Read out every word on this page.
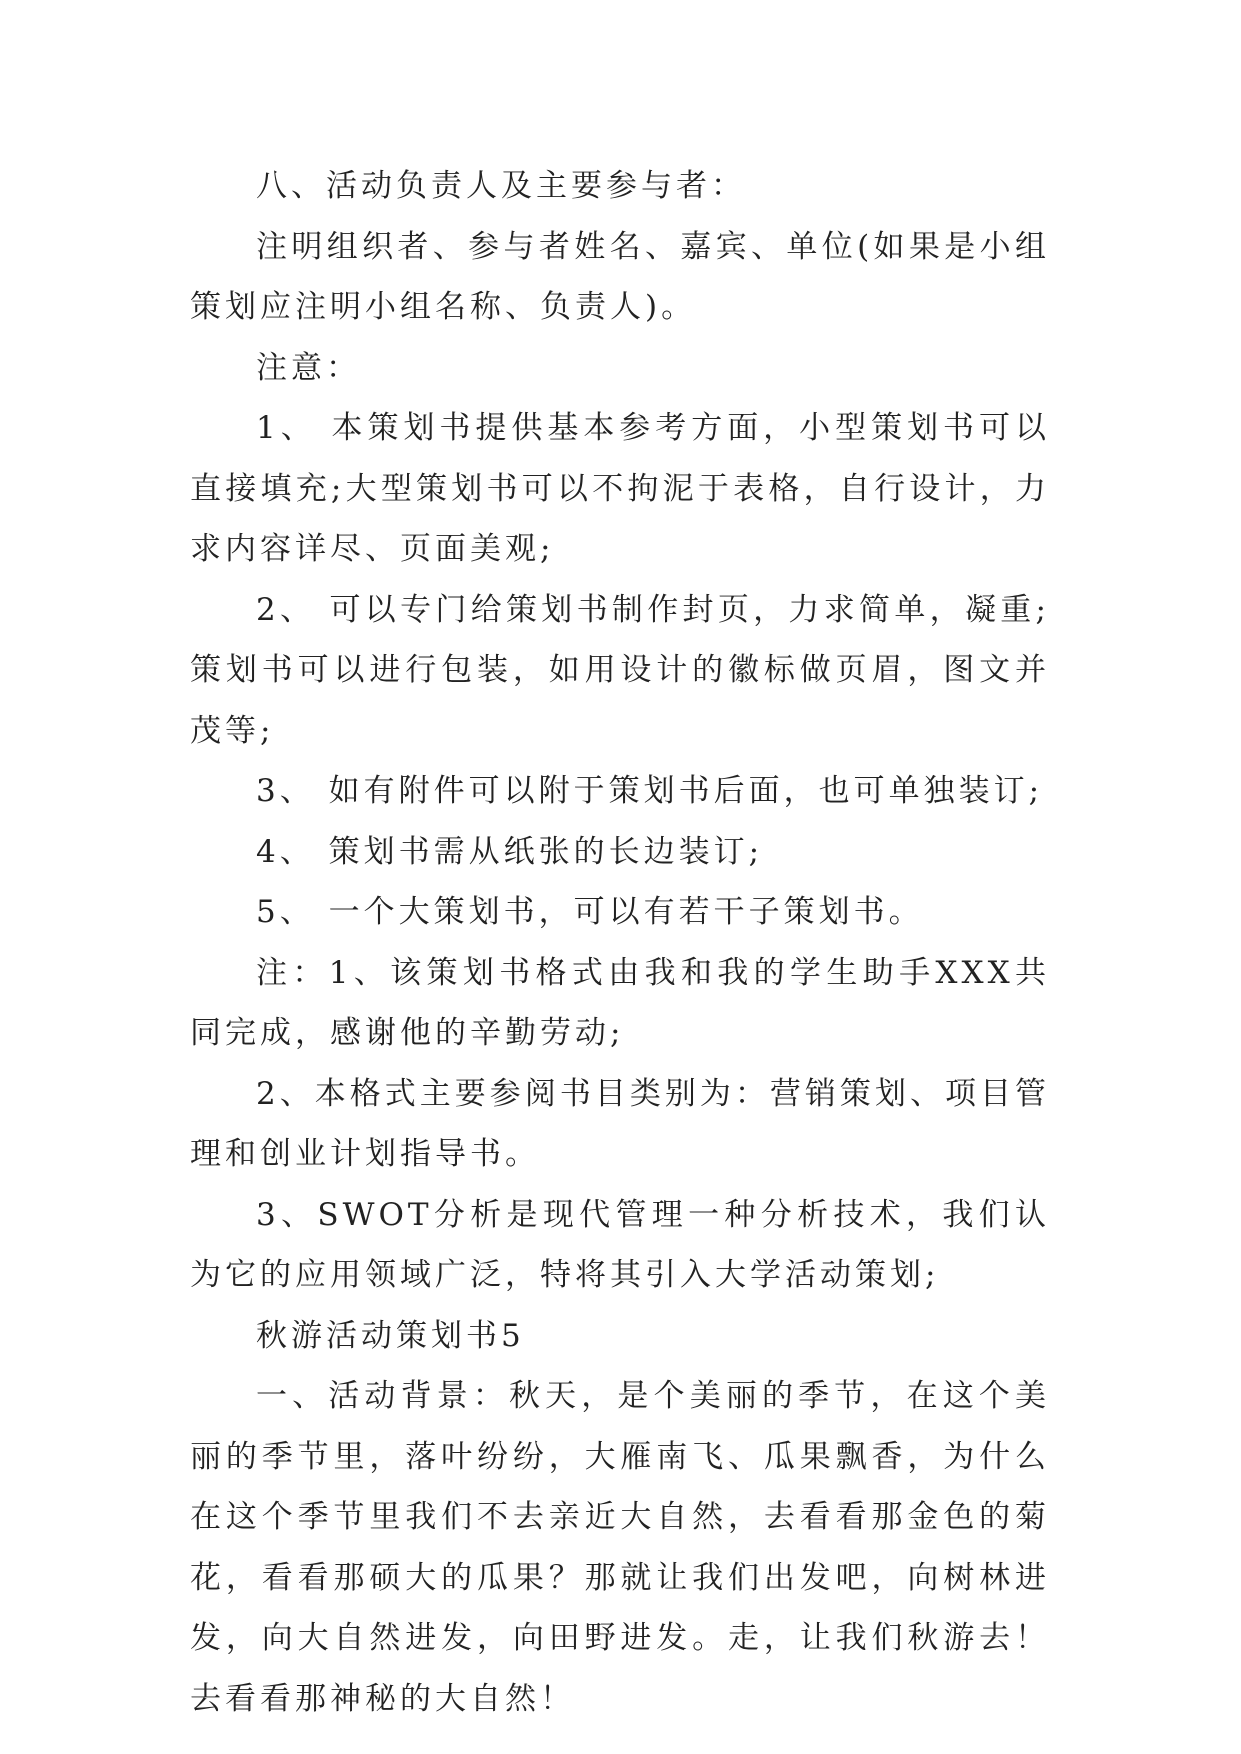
八、活动负责人及主要参与者：

注明组织者、参与者姓名、嘉宾、单位(如果是小组策划应注明小组名称、负责人)。

注意：

1、 本策划书提供基本参考方面，小型策划书可以直接填充;大型策划书可以不拘泥于表格，自行设计，力求内容详尽、页面美观;

2、 可以专门给策划书制作封页，力求简单，凝重;策划书可以进行包装，如用设计的徽标做页眉，图文并茂等;

3、 如有附件可以附于策划书后面，也可单独装订;

4、 策划书需从纸张的长边装订;

5、 一个大策划书，可以有若干子策划书。

注：1、该策划书格式由我和我的学生助手XXX共同完成，感谢他的辛勤劳动;

2、本格式主要参阅书目类别为：营销策划、项目管理和创业计划指导书。

3、SWOT分析是现代管理一种分析技术，我们认为它的应用领域广泛，特将其引入大学活动策划;

秋游活动策划书5

一、活动背景：秋天，是个美丽的季节，在这个美丽的季节里，落叶纷纷，大雁南飞、瓜果飘香，为什么在这个季节里我们不去亲近大自然，去看看那金色的菊花，看看那硕大的瓜果？那就让我们出发吧，向树林进发，向大自然进发，向田野进发。走，让我们秋游去！去看看那神秘的大自然！
